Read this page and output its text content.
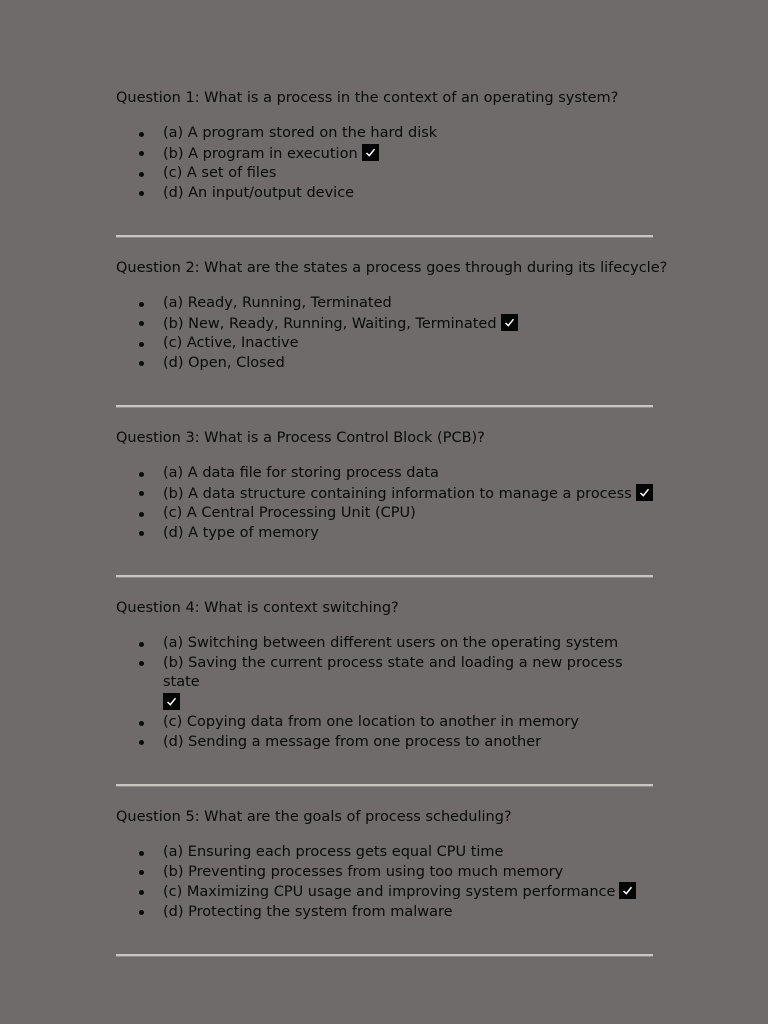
Question 1: What is a process in the context of an operating system?

(a) A program stored on the hard disk
(b) A program in execution
(c) A set of files
(d) An input/output device

Question 2: What are the states a process goes through during its lifecycle?

(a) Ready, Running, Terminated
(b) New, Ready, Running, Waiting, Terminated
(c) Active, Inactive
(d) Open, Closed

Question 3: What is a Process Control Block (PCB)?

(a) A data file for storing process data
(b) A data structure containing information to manage a process
(c) A Central Processing Unit (CPU)
(d) A type of memory

Question 4: What is context switching?

(a) Switching between different users on the operating system
(b) Saving the current process state and loading a new process state

(c) Copying data from one location to another in memory
(d) Sending a message from one process to another

Question 5: What are the goals of process scheduling?

(a) Ensuring each process gets equal CPU time
(b) Preventing processes from using too much memory
(c) Maximizing CPU usage and improving system performance
(d) Protecting the system from malware
